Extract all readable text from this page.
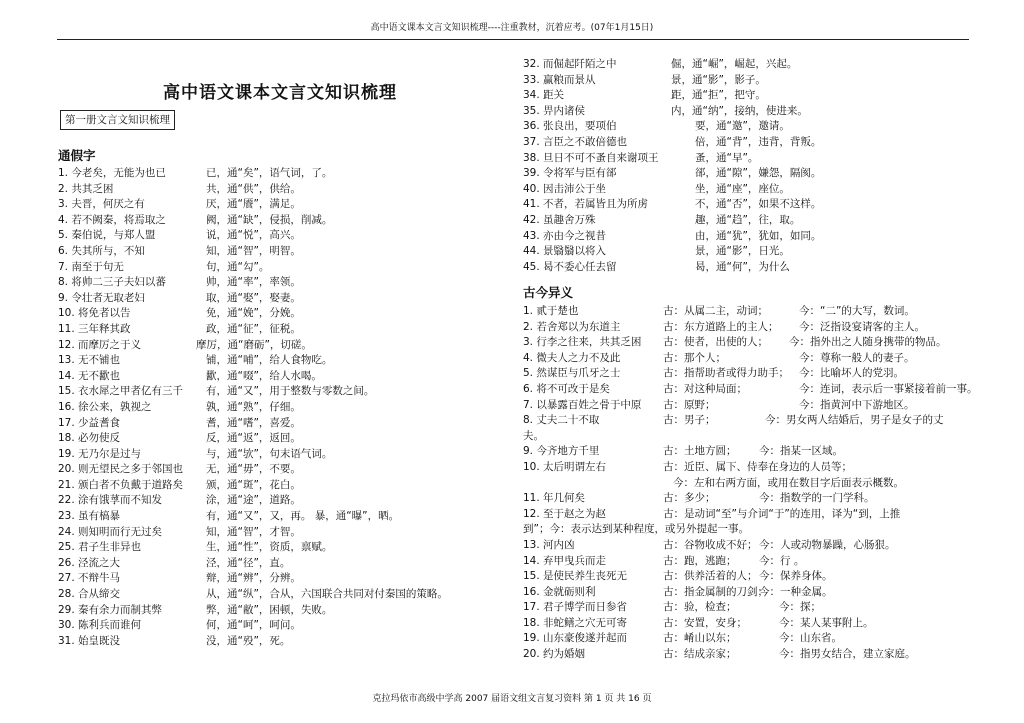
高中语文课本文言文知识梳理----注重教材，沉着应考。(07年1月15日)
高中语文课本文言文知识梳理
第一册文言文知识梳理
通假字
1. 今老矣，无能为也已	已，通“矣”，语气词，了。
2. 共其乏困	共，通“供”，供给。
3. 夫晋，何厌之有	厌，通“餍”，满足。
4. 若不阙秦，将焉取之	阙，通“缺”，侵损，削减。
5. 秦伯说，与郑人盟	说，通“悦”，高兴。
6. 失其所与，不知	知，通“智”，明智。
7. 南至于句无	句，通“勾”。
8. 将帅二三子夫妇以蕃	帅，通“率”，率领。
9. 令壮者无取老妇	取，通“娶”，娶妻。
10. 将免者以告	免，通“娩”，分娩。
11. 三年释其政	政，通“征”，征税。
12. 而摩厉之于义	摩厉，通“磨砺”，切磋。
13. 无不铺也	铺，通“哺”，给人食物吃。
14. 无不歠也	歠，通“啜”，给人水喝。
15. 衣水犀之甲者亿有三千 有，通“又”，用于整数与零数之间。
16. 徐公来，孰视之	孰，通“熟”，仔细。
17. 少益耆食	耆，通“嗜”，喜爱。
18. 必勿使反	反，通“返”，返回。
19. 无乃尔是过与	与，通“欤”，句末语气词。
20. 则无望民之多于邻国也 无，通“毋”，不要。
21. 颁白者不负戴于道路矣 颁，通“斑”，花白。
22. 涂有饿莩而不知发	涂，通“途”，道路。
23. 虽有槁暴	有，通“又”，又，再。 暴，通“曝”，晒。
24. 则知明而行无过矣	知，通“智”，才智。
25. 君子生非异也	生，通“性”，资质，禀赋。
26. 泾流之大	泾，通“径”，直。
27. 不辩牛马	辩，通“辨”，分辨。
28. 合从缔交	从，通“纵”，合从，六国联合共同对付秦国的策略。
29. 秦有余力而制其弊	弊，通“敝”，困顿，失败。
30. 陈利兵而谁何	何，通“呵”，呵问。
31. 始皇既没	没，通“殁”，死。
32. 而倔起阡陌之中	倔，通“崛”，崛起，兴起。
33. 赢粮而景从	景，通“影”，影子。
34. 距关	距，通“拒”，把守。
35. 畀内诸侯	内，通“纳”，接纳，使进来。
36. 张良出，要项伯	要，通“邀”，邀请。
37. 言臣之不敢倍德也	倍，通“背”，违背，背叛。
38. 旦日不可不蚤自来谢项王	蚤，通“早”。
39. 令将军与臣有郤	郤，通“隙”，嫌怨，隔阂。
40. 因击沛公于坐	坐，通“座”，座位。
41. 不者，若属皆且为所虏	不，通“否”，如果不这样。
42. 虽趣舍万殊	趣，通“趋”，往，取。
43. 亦由今之视昔	由，通“犹”，犹如，如同。
44. 景翳翳以将入	景，通“影”，日光。
45. 曷不委心任去留	曷，通“何”，为什么
古今异义
1. 贰于楚也	古：从属二主，动词；	今：“二”的大写，数词。
2. 若舍郑以为东道主	古：东方道路上的主人； 今：泛指设宴请客的主人。
3. 行李之往来，共其乏困 古：使者，出使的人； 今：指外出之人随身携带的物品。
4. 微夫人之力不及此	古：那个人；	今：尊称一般人的妻子。
5. 然谋臣与爪牙之士	古：指帮助者或得力助手； 今：比喻坏人的党羽。
6. 将不可改于是矣	古：对这种局面；	今：连词，表示后一事紧接着前一事。
7. 以暴露百姓之骨于中原 古：原野；	今：指黄河中下游地区。
8. 丈夫二十不取	古：男子；	今：男女两人结婚后，男子是女子的丈
夫。
9. 今齐地方千里	古：土地方圆； 今：指某一区域。
10. 太后明谓左右	古：近臣、属下、侍奉在身边的人员等；
今：左和右两方面，或用在数目字后面表示概数。
11. 年几何矣	古：多少；	今：指数学的一门学科。
12. 至于赵之为赵	古：是动词“至”与介词“于”的连用，译为“到，上推
到”；今：表示达到某种程度，或另外提起一事。
13. 河内凶	古：谷物收成不好； 今：人或动物暴躁，心肠狠。
14. 弃甲曳兵而走	古：跑，逃跑； 今：行 。
15. 是使民养生丧死无	古：供养活着的人； 今：保养身体。
16. 金就砺则利	古：指金属制的刀剑；
今：一种金属。
17. 君子博学而日参省	古：验，检查；	今：探；
18. 非蛇鳝之穴无可寄	古：安置，安身；	今：某人某事附上。
19. 山东豪俊遂并起而	古：崤山以东；	今：山东省。
20. 约为婚姻	古：结成亲家；	今：指男女结合，建立家庭。
克拉玛依市高级中学高 2007 届语文组文言复习资料 第 1 页 共 16 页
